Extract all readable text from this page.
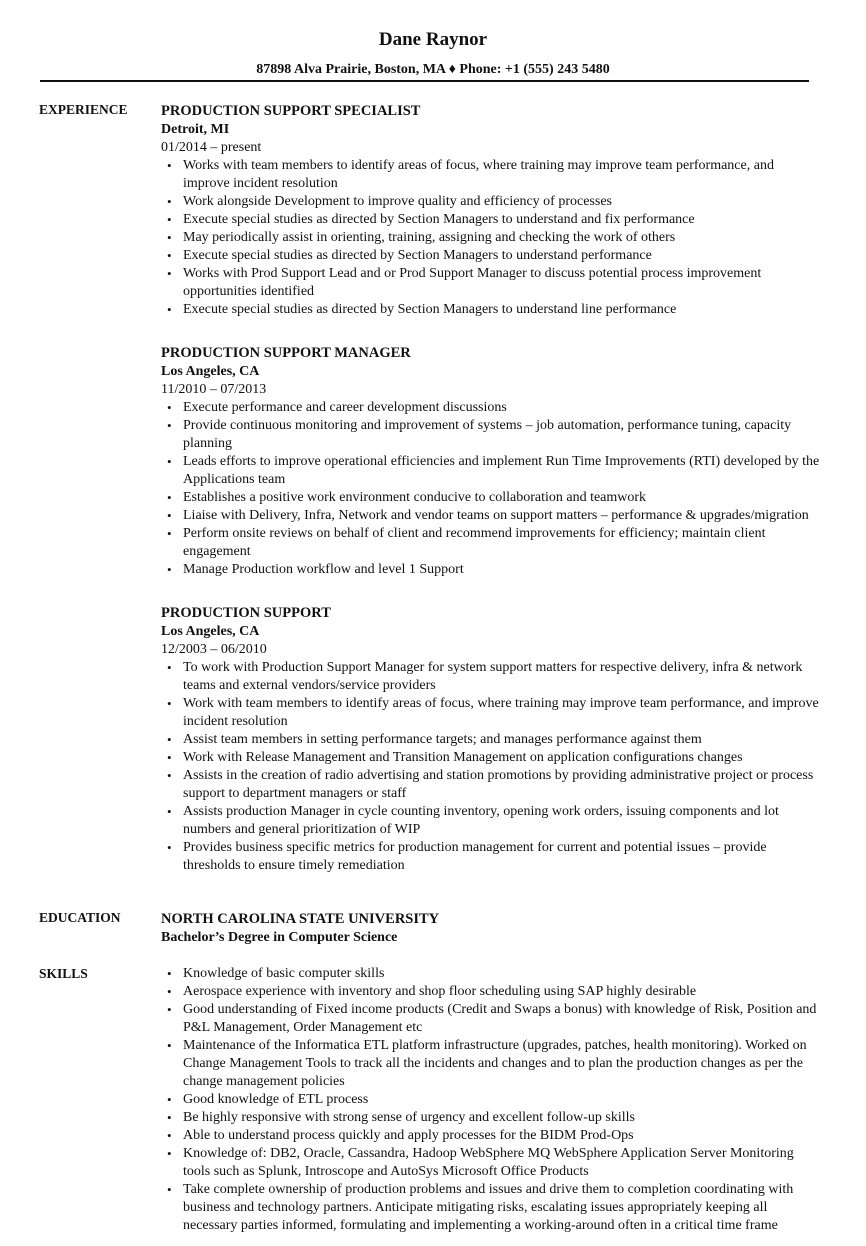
Dane Raynor
87898 Alva Prairie, Boston, MA ♦ Phone: +1 (555) 243 5480
EXPERIENCE PRODUCTION SUPPORT SPECIALIST
Detroit, MI
01/2014 – present
• Works with team members to identify areas of focus, where training may improve team performance, and improve incident resolution
• Work alongside Development to improve quality and efficiency of processes
• Execute special studies as directed by Section Managers to understand and fix performance
• May periodically assist in orienting, training, assigning and checking the work of others
• Execute special studies as directed by Section Managers to understand performance
• Works with Prod Support Lead and or Prod Support Manager to discuss potential process improvement opportunities identified
• Execute special studies as directed by Section Managers to understand line performance
PRODUCTION SUPPORT MANAGER
Los Angeles, CA
11/2010 – 07/2013
• Execute performance and career development discussions
• Provide continuous monitoring and improvement of systems – job automation, performance tuning, capacity planning
• Leads efforts to improve operational efficiencies and implement Run Time Improvements (RTI) developed by the Applications team
• Establishes a positive work environment conducive to collaboration and teamwork
• Liaise with Delivery, Infra, Network and vendor teams on support matters – performance & upgrades/migration
• Perform onsite reviews on behalf of client and recommend improvements for efficiency; maintain client engagement
• Manage Production workflow and level 1 Support
PRODUCTION SUPPORT
Los Angeles, CA
12/2003 – 06/2010
• To work with Production Support Manager for system support matters for respective delivery, infra & network teams and external vendors/service providers
• Work with team members to identify areas of focus, where training may improve team performance, and improve incident resolution
• Assist team members in setting performance targets; and manages performance against them
• Work with Release Management and Transition Management on application configurations changes
• Assists in the creation of radio advertising and station promotions by providing administrative project or process support to department managers or staff
• Assists production Manager in cycle counting inventory, opening work orders, issuing components and lot numbers and general prioritization of WIP
• Provides business specific metrics for production management for current and potential issues – provide thresholds to ensure timely remediation
EDUCATION	NORTH CAROLINA STATE UNIVERSITY
Bachelor’s Degree in Computer Science
SKILLS
•	Knowledge of basic computer skills
• Aerospace experience with inventory and shop floor scheduling using SAP highly desirable
• Good understanding of Fixed income products (Credit and Swaps a bonus) with knowledge of Risk, Position and P&L Management, Order Management etc
• Maintenance of the Informatica ETL platform infrastructure (upgrades, patches, health monitoring). Worked on Change Management Tools to track all the incidents and changes and to plan the production changes as per the change management policies
• Good knowledge of ETL process
• Be highly responsive with strong sense of urgency and excellent follow-up skills
• Able to understand process quickly and apply processes for the BIDM Prod-Ops
• Knowledge of: DB2, Oracle, Cassandra, Hadoop WebSphere MQ WebSphere Application Server Monitoring tools such as Splunk, Introscope and AutoSys Microsoft Office Products
• Take complete ownership of production problems and issues and drive them to completion coordinating with business and technology partners. Anticipate mitigating risks, escalating issues appropriately keeping all necessary parties informed, formulating and implementing a working-around often in a critical time frame
